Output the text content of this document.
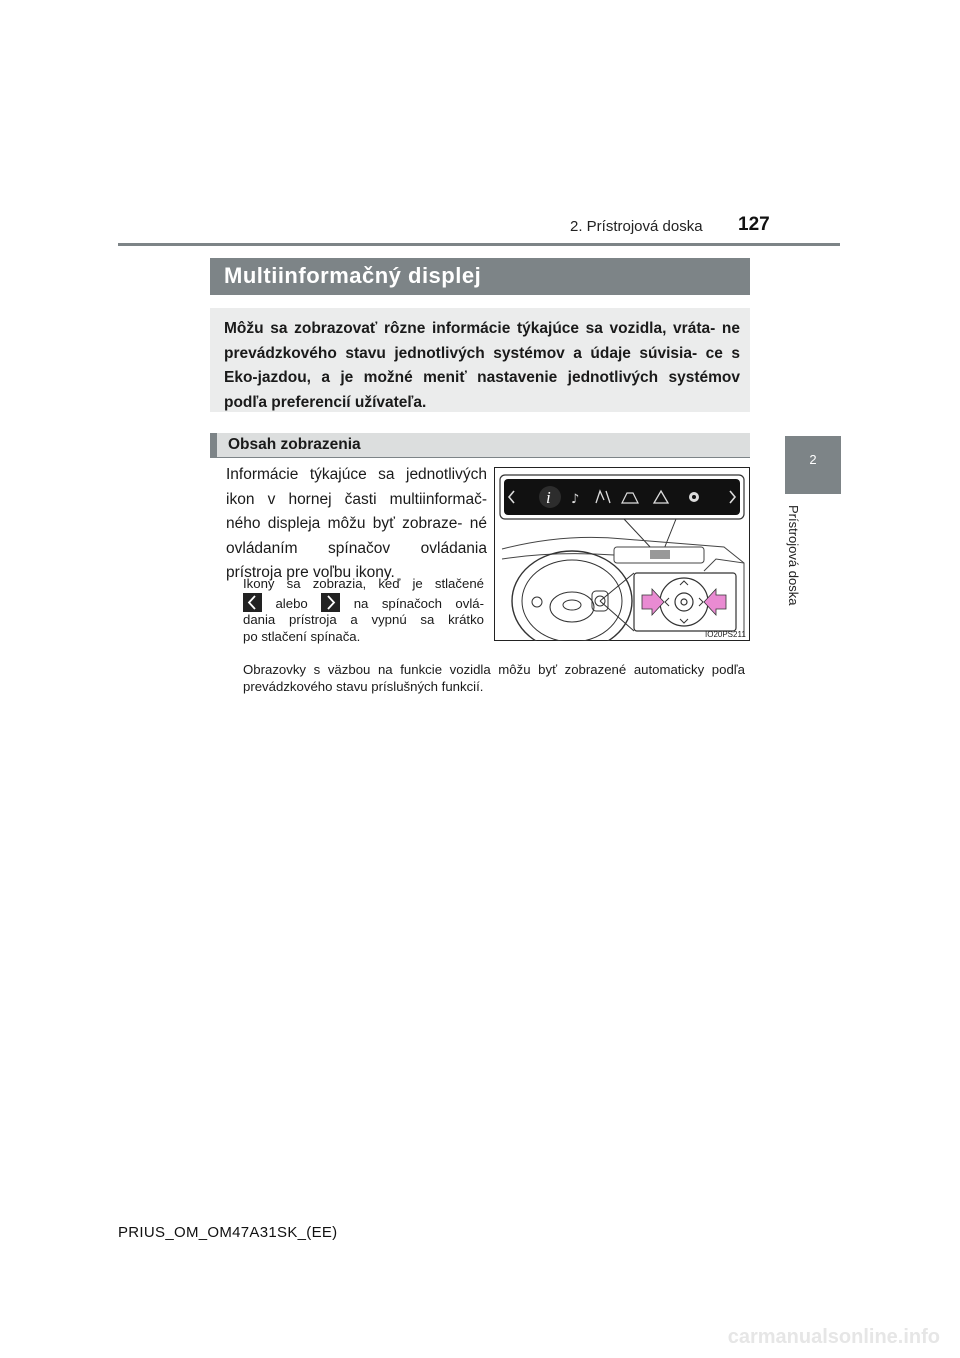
2. Prístrojová doska 127
2
Prístrojová doska
Multiinformačný displej
Môžu sa zobrazovať rôzne informácie týkajúce sa vozidla, vráta- ne prevádzkového stavu jednotlivých systémov a údaje súvisia- ce s Eko-jazdou, a je možné meniť nastavenie jednotlivých systémov podľa preferencií užívateľa.
Obsah zobrazenia
Informácie týkajúce sa jednotlivých ikon v hornej časti multiinformač- ného displeja môžu byť zobraze- né ovládaním spínačov ovládania prístroja pre voľbu ikony.
Ikony sa zobrazia, keď je stlačené
alebo	na spínačoch ovlá-
dania prístroja a vypnú sa krátko
po stlačení spínača.
Obrazovky s väzbou na funkcie vozidla môžu byť zobrazené automaticky podľa prevádzkového stavu príslušných funkcií.
i ♪
IO20PS211
PRIUS_OM_OM47A31SK_(EE)
carmanualsonline.info
